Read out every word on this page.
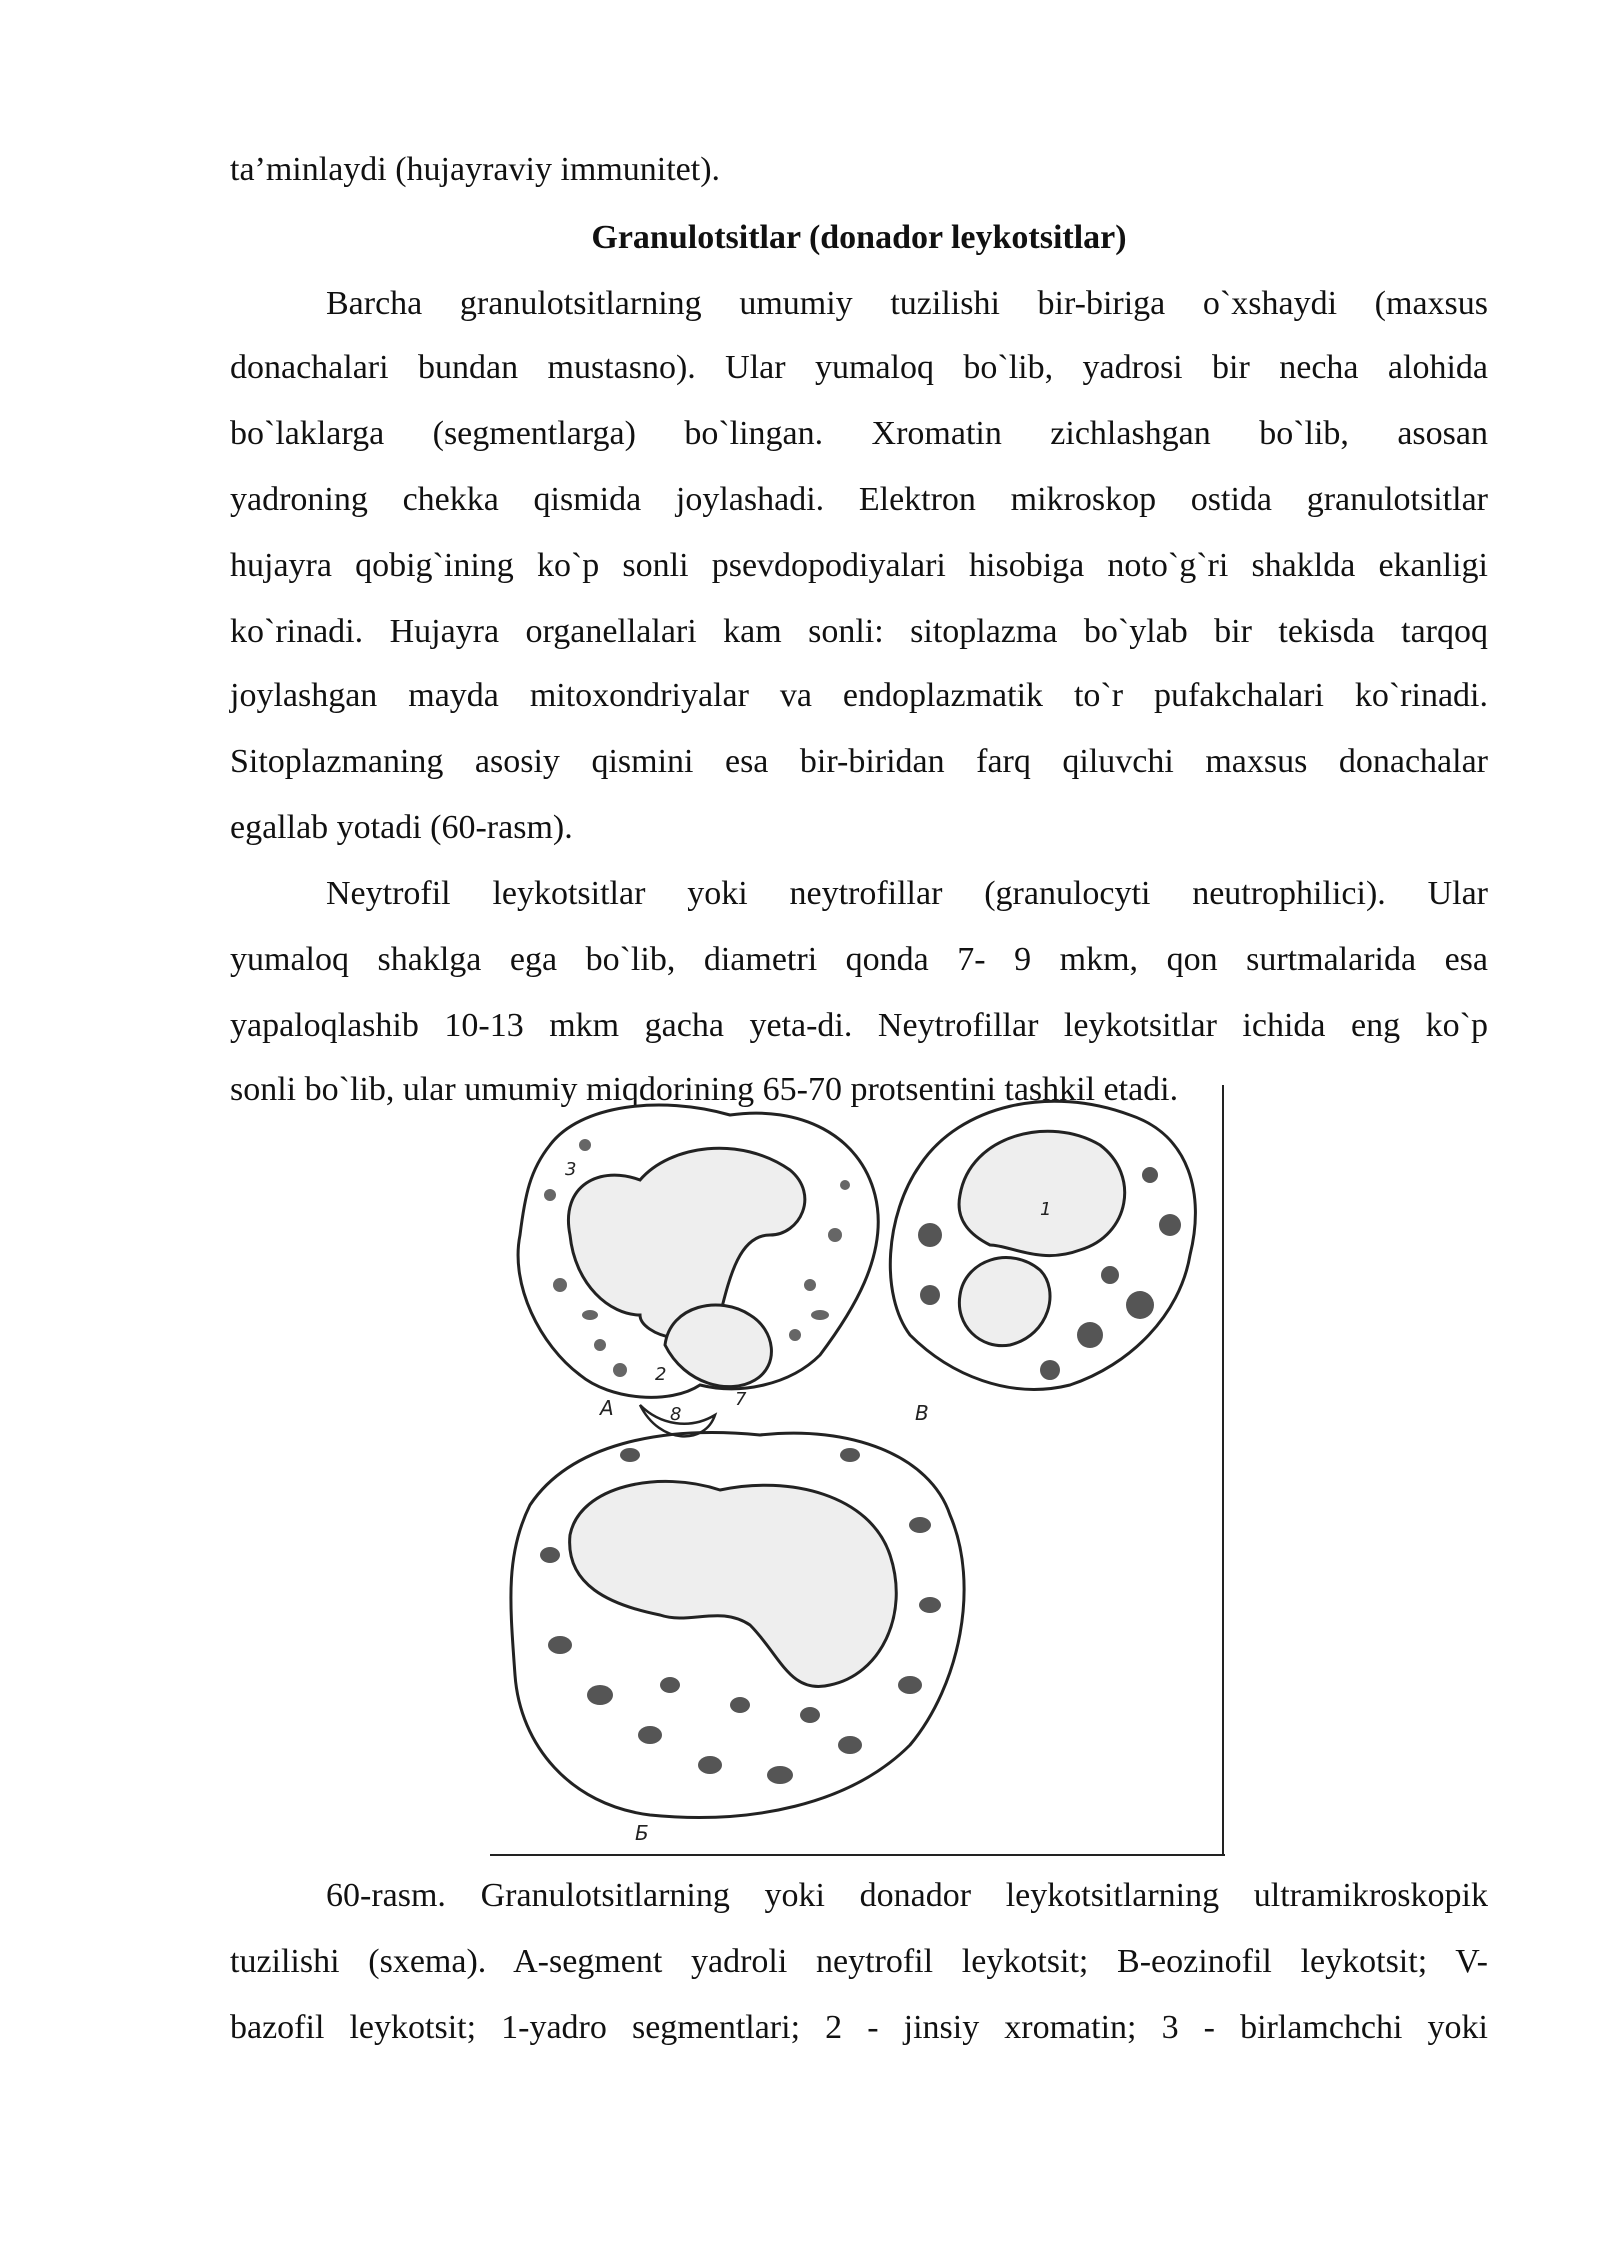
ta’minlaydi (hujayraviy immunitet).
Granulotsitlar (donador leykotsitlar)
Barcha granulotsitlarning umumiy tuzilishi bir-biriga o`xshaydi (maxsus
donachalari bundan mustasno). Ular yumaloq bo`lib, yadrosi bir necha alohida
bo`laklarga (segmentlarga) bo`lingan. Xromatin zichlashgan bo`lib, asosan
yadroning chekka qismida joylashadi. Elektron mikroskop ostida granulotsitlar
hujayra qobig`ining ko`p sonli psevdopodiyalari hisobiga noto`g`ri shaklda ekanligi
ko`rinadi. Hujayra organellalari kam sonli: sitoplazma bo`ylab bir tekisda tarqoq
joylashgan mayda mitoxondriyalar va endoplazmatik to`r pufakchalari ko`rinadi.
Sitoplazmaning asosiy qismini esa bir-biridan farq qiluvchi maxsus donachalar
egallab yotadi (60-rasm).
Neytrofil leykotsitlar yoki neytrofillar (granulocyti neutrophilici). Ular
yumaloq shaklga ega bo`lib, diametri qonda 7- 9 mkm, qon surtmalarida esa
yapaloqlashib 10-13 mkm gacha yeta-di. Neytrofillar leykotsitlar ichida eng ko`p
sonli bo`lib, ular umumiy miqdorining 65-70 protsentini tashkil etadi.
60-rasm. Granulotsitlarning yoki donador leykotsitlarning ultramikroskopik
tuzilishi (sxema). A-segment yadroli neytrofil leykotsit; B-eozinofil leykotsit; V-
bazofil leykotsit; 1-yadro segmentlari; 2 - jinsiy xromatin; 3 - birlamchchi yoki
A	8
7
2
3
1
B
Б
